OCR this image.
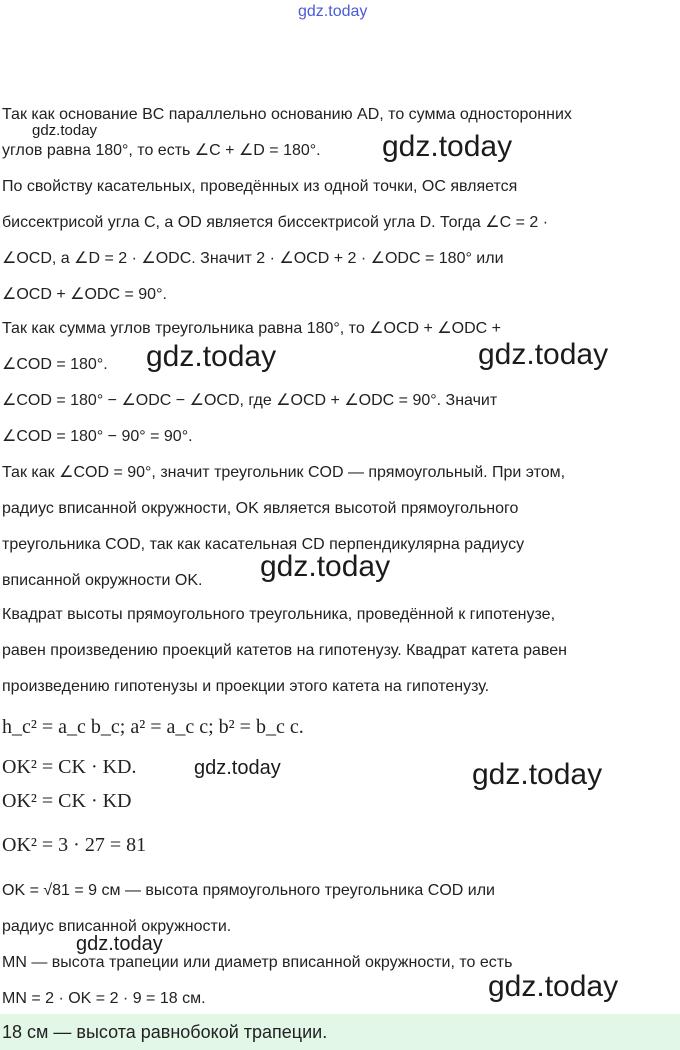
gdz.today
Так как основание BC параллельно основанию AD, то сумма односторонних
углов равна 180°, то есть ∠C + ∠D = 180°.
По свойству касательных, проведённых из одной точки, OC является
биссектрисой угла C, а OD является биссектрисой угла D. Тогда ∠C = 2 ·
∠OCD, а ∠D = 2 · ∠ODC. Значит 2 · ∠OCD + 2 · ∠ODC = 180° или
∠OCD + ∠ODC = 90°.
Так как сумма углов треугольника равна 180°, то ∠OCD + ∠ODC +
∠COD = 180°.
∠COD = 180° − ∠ODC − ∠OCD, где ∠OCD + ∠ODC = 90°. Значит
∠COD = 180° − 90° = 90°.
Так как ∠COD = 90°, значит треугольник COD — прямоугольный. При этом,
радиус вписанной окружности, OK является высотой прямоугольного
треугольника COD, так как касательная CD перпендикулярна радиусу
вписанной окружности OK.
Квадрат высоты прямоугольного треугольника, проведённой к гипотенузе,
равен произведению проекций катетов на гипотенузу. Квадрат катета равен
произведению гипотенузы и проекции этого катета на гипотенузу.
h_c² = a_c b_c; a² = a_c c; b² = b_c c.
OK² = CK · KD.
OK² = CK · KD
OK² = 3 · 27 = 81
OK = √81 = 9 см — высота прямоугольного треугольника COD или
радиус вписанной окружности.
MN — высота трапеции или диаметр вписанной окружности, то есть
MN = 2 · OK = 2 · 9 = 18 см.
18 см — высота равнобокой трапеции.
gdz.today	gdz.today
gdz.today	gdz.today
gdz.today
gdz.today	gdz.today
gdz.today
gdz.today
